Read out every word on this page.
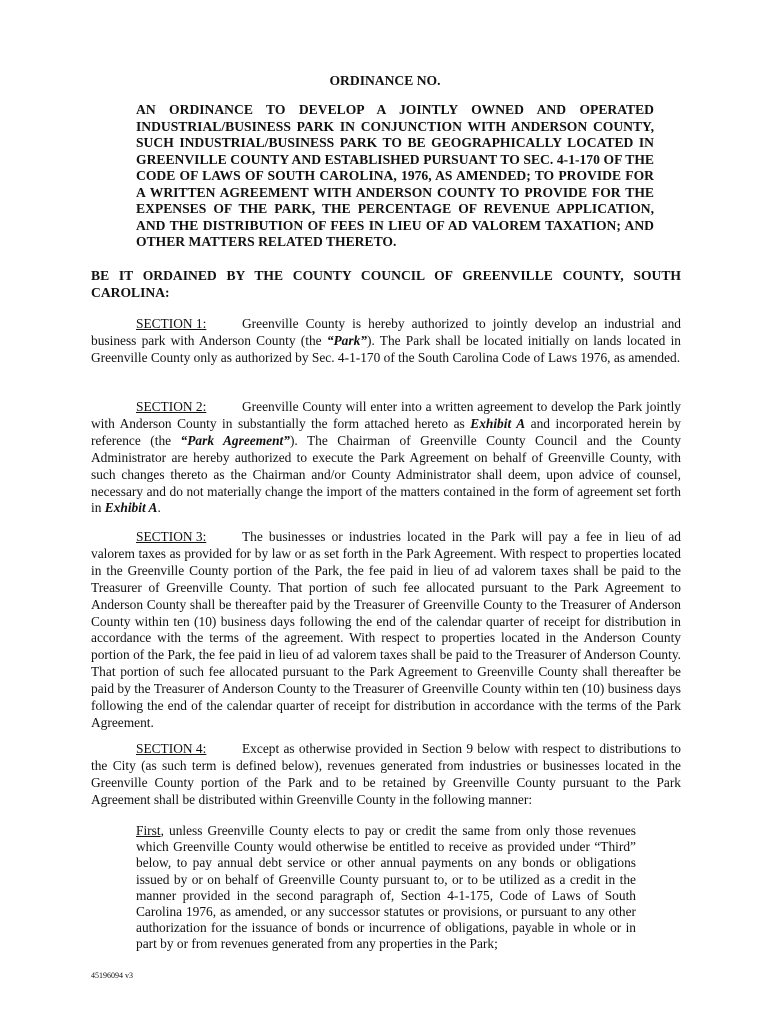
ORDINANCE NO.
AN ORDINANCE TO DEVELOP A JOINTLY OWNED AND OPERATED INDUSTRIAL/BUSINESS PARK IN CONJUNCTION WITH ANDERSON COUNTY, SUCH INDUSTRIAL/BUSINESS PARK TO BE GEOGRAPHICALLY LOCATED IN GREENVILLE COUNTY AND ESTABLISHED PURSUANT TO SEC. 4-1-170 OF THE CODE OF LAWS OF SOUTH CAROLINA, 1976, AS AMENDED; TO PROVIDE FOR A WRITTEN AGREEMENT WITH ANDERSON COUNTY TO PROVIDE FOR THE EXPENSES OF THE PARK, THE PERCENTAGE OF REVENUE APPLICATION, AND THE DISTRIBUTION OF FEES IN LIEU OF AD VALOREM TAXATION; AND OTHER MATTERS RELATED THERETO.
BE IT ORDAINED BY THE COUNTY COUNCIL OF GREENVILLE COUNTY, SOUTH CAROLINA:
SECTION 1:	Greenville County is hereby authorized to jointly develop an industrial and business park with Anderson County (the “Park”). The Park shall be located initially on lands located in Greenville County only as authorized by Sec. 4-1-170 of the South Carolina Code of Laws 1976, as amended.
SECTION 2:	Greenville County will enter into a written agreement to develop the Park jointly with Anderson County in substantially the form attached hereto as Exhibit A and incorporated herein by reference (the “Park Agreement”). The Chairman of Greenville County Council and the County Administrator are hereby authorized to execute the Park Agreement on behalf of Greenville County, with such changes thereto as the Chairman and/or County Administrator shall deem, upon advice of counsel, necessary and do not materially change the import of the matters contained in the form of agreement set forth in Exhibit A.
SECTION 3:	The businesses or industries located in the Park will pay a fee in lieu of ad valorem taxes as provided for by law or as set forth in the Park Agreement. With respect to properties located in the Greenville County portion of the Park, the fee paid in lieu of ad valorem taxes shall be paid to the Treasurer of Greenville County. That portion of such fee allocated pursuant to the Park Agreement to Anderson County shall be thereafter paid by the Treasurer of Greenville County to the Treasurer of Anderson County within ten (10) business days following the end of the calendar quarter of receipt for distribution in accordance with the terms of the agreement. With respect to properties located in the Anderson County portion of the Park, the fee paid in lieu of ad valorem taxes shall be paid to the Treasurer of Anderson County. That portion of such fee allocated pursuant to the Park Agreement to Greenville County shall thereafter be paid by the Treasurer of Anderson County to the Treasurer of Greenville County within ten (10) business days following the end of the calendar quarter of receipt for distribution in accordance with the terms of the Park Agreement.
SECTION 4:	Except as otherwise provided in Section 9 below with respect to distributions to the City (as such term is defined below), revenues generated from industries or businesses located in the Greenville County portion of the Park and to be retained by Greenville County pursuant to the Park Agreement shall be distributed within Greenville County in the following manner:
First, unless Greenville County elects to pay or credit the same from only those revenues which Greenville County would otherwise be entitled to receive as provided under “Third” below, to pay annual debt service or other annual payments on any bonds or obligations issued by or on behalf of Greenville County pursuant to, or to be utilized as a credit in the manner provided in the second paragraph of, Section 4-1-175, Code of Laws of South Carolina 1976, as amended, or any successor statutes or provisions, or pursuant to any other authorization for the issuance of bonds or incurrence of obligations, payable in whole or in part by or from revenues generated from any properties in the Park;
45196094 v3
